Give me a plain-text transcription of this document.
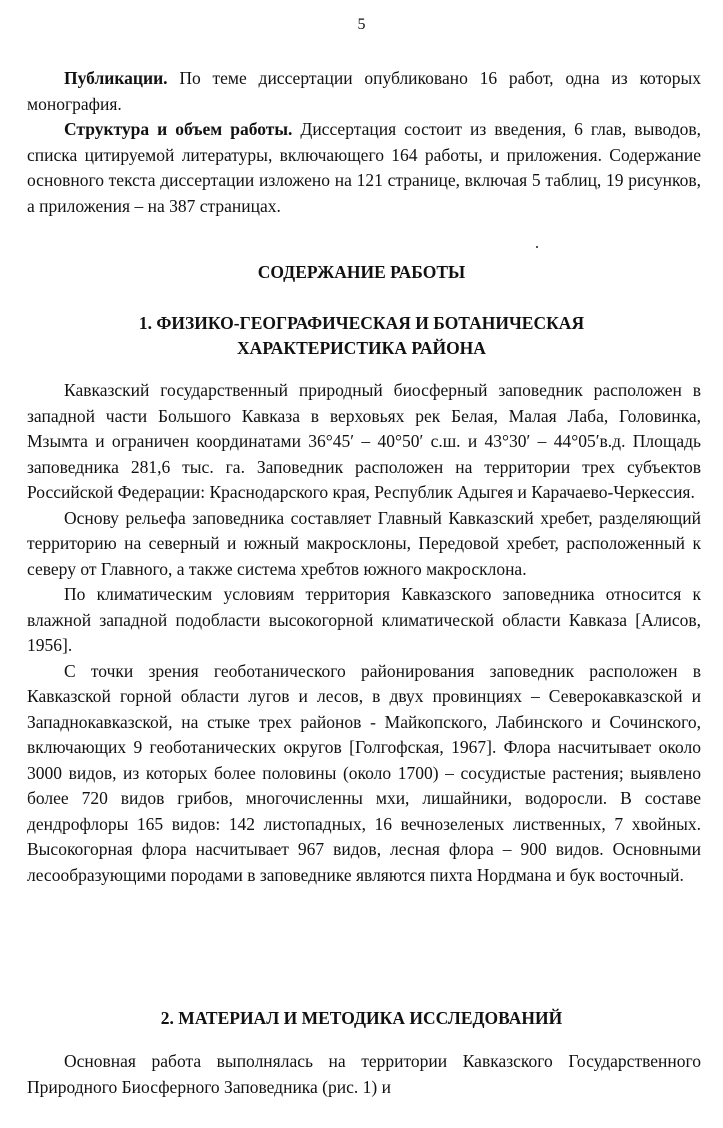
5

Публикации. По теме диссертации опубликовано 16 работ, одна из которых монография.

Структура и объем работы. Диссертация состоит из введения, 6 глав, выводов, списка цитируемой литературы, включающего 164 работы, и приложения. Содержание основного текста диссертации изложено на 121 странице, включая 5 таблиц, 19 рисунков, а приложения – на 387 страницах.

СОДЕРЖАНИЕ РАБОТЫ
1. ФИЗИКО-ГЕОГРАФИЧЕСКАЯ И БОТАНИЧЕСКАЯ
ХАРАКТЕРИСТИКА РАЙОНА

Кавказский государственный природный биосферный заповедник расположен в западной части Большого Кавказа в верховьях рек Белая, Малая Лаба, Головинка, Мзымта и ограничен координатами 36°45′ – 40°50′ с.ш. и 43°30′ – 44°05′в.д. Площадь заповедника 281,6 тыс. га. Заповедник расположен на территории трех субъектов Российской Федерации: Краснодарского края, Республик Адыгея и Карачаево-Черкессия.

Основу рельефа заповедника составляет Главный Кавказский хребет, разделяющий территорию на северный и южный макросклоны, Передовой хребет, расположенный к северу от Главного, а также система хребтов южного макросклона.

По климатическим условиям территория Кавказского заповедника относится к влажной западной подобласти высокогорной климатической области Кавказа [Алисов, 1956].

С точки зрения геоботанического районирования заповедник расположен в Кавказской горной области лугов и лесов, в двух провинциях – Северокавказской и Западнокавказской, на стыке трех районов - Майкопского, Лабинского и Сочинского, включающих 9 геоботанических округов [Голгофская, 1967]. Флора насчитывает около 3000 видов, из которых более половины (около 1700) – сосудистые растения; выявлено более 720 видов грибов, многочисленны мхи, лишайники, водоросли. В составе дендрофлоры 165 видов: 142 листопадных, 16 вечнозеленых лиственных, 7 хвойных. Высокогорная флора насчитывает 967 видов, лесная флора – 900 видов. Основными лесообразующими породами в заповеднике являются пихта Нордмана и бук восточный.

2. МАТЕРИАЛ И МЕТОДИКА ИССЛЕДОВАНИЙ

Основная работа выполнялась на территории Кавказского Государственного Природного Биосферного Заповедника (рис. 1) и
